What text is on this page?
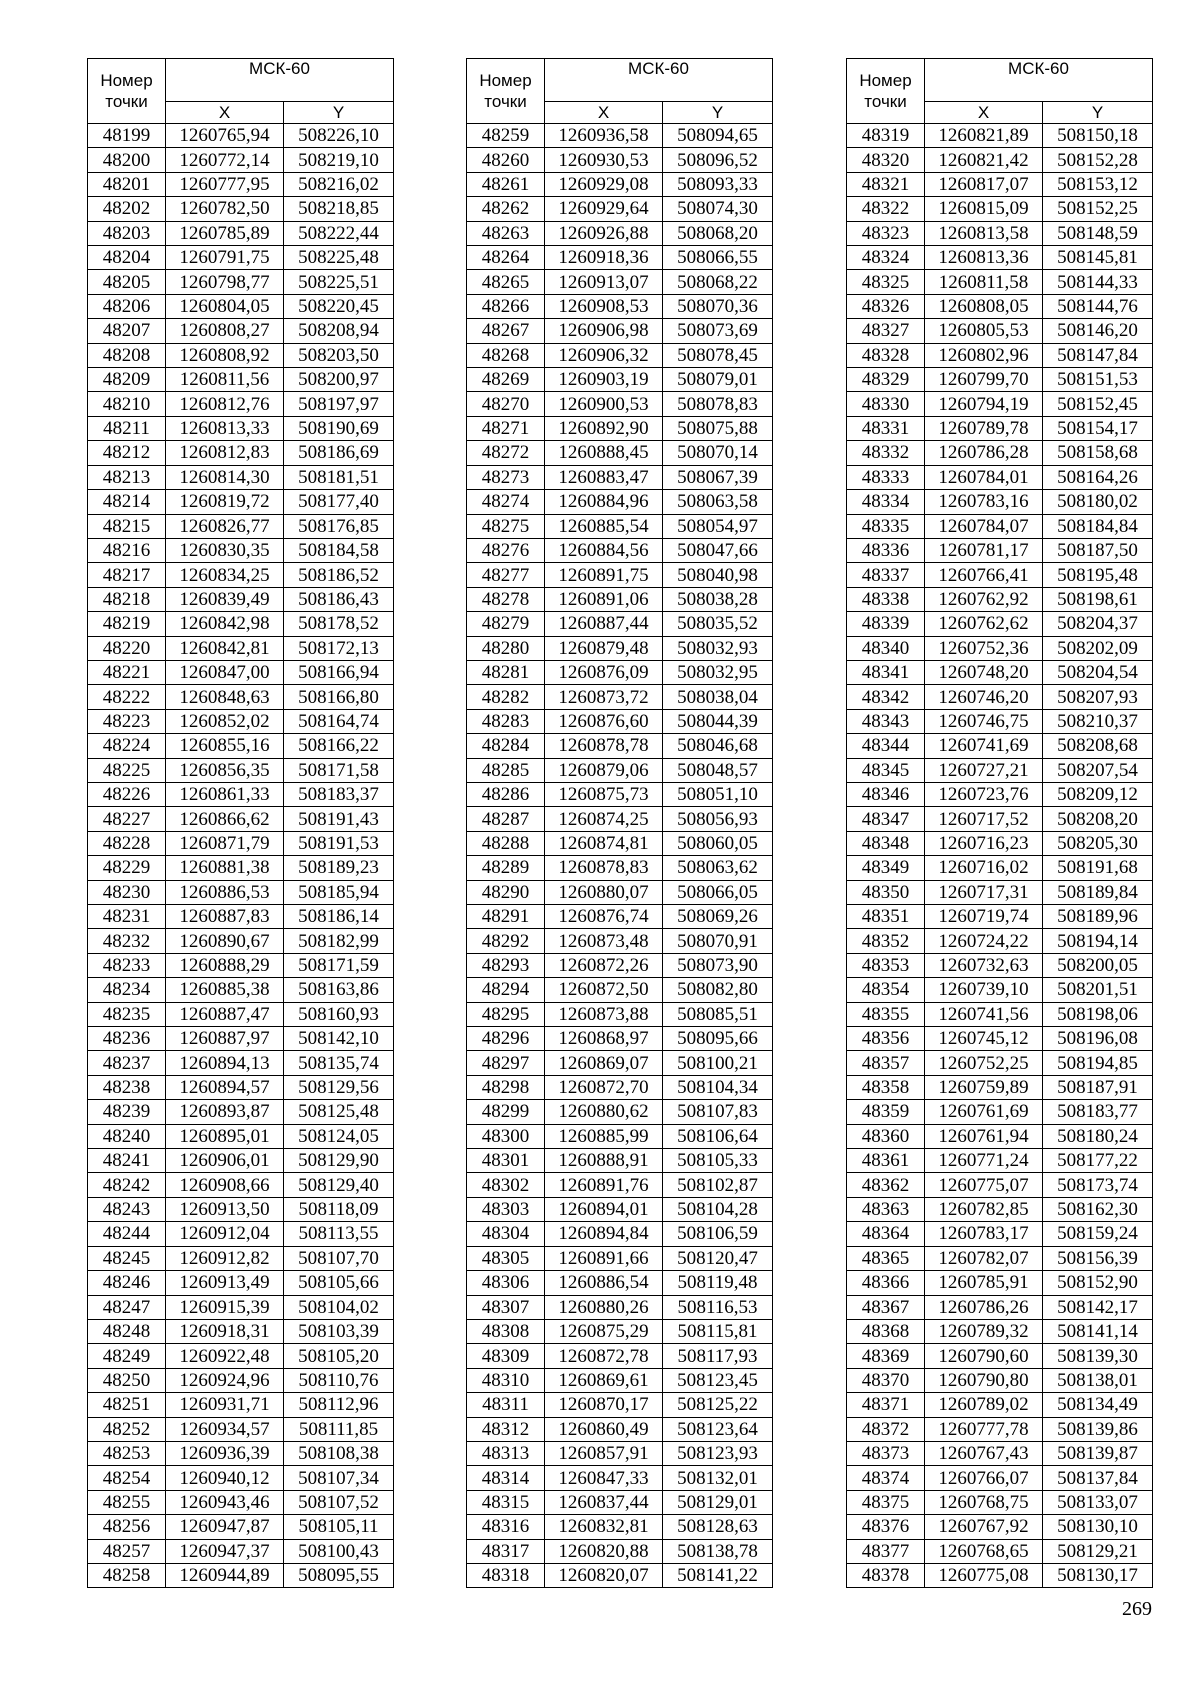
Номер
точки	МСК-60	
	X	Y
48199	1260765,94	508226,10
48200	1260772,14	508219,10
48201	1260777,95	508216,02
48202	1260782,50	508218,85
48203	1260785,89	508222,44
48204	1260791,75	508225,48
48205	1260798,77	508225,51
48206	1260804,05	508220,45
48207	1260808,27	508208,94
48208	1260808,92	508203,50
48209	1260811,56	508200,97
48210	1260812,76	508197,97
48211	1260813,33	508190,69
48212	1260812,83	508186,69
48213	1260814,30	508181,51
48214	1260819,72	508177,40
48215	1260826,77	508176,85
48216	1260830,35	508184,58
48217	1260834,25	508186,52
48218	1260839,49	508186,43
48219	1260842,98	508178,52
48220	1260842,81	508172,13
48221	1260847,00	508166,94
48222	1260848,63	508166,80
48223	1260852,02	508164,74
48224	1260855,16	508166,22
48225	1260856,35	508171,58
48226	1260861,33	508183,37
48227	1260866,62	508191,43
48228	1260871,79	508191,53
48229	1260881,38	508189,23
48230	1260886,53	508185,94
48231	1260887,83	508186,14
48232	1260890,67	508182,99
48233	1260888,29	508171,59
48234	1260885,38	508163,86
48235	1260887,47	508160,93
48236	1260887,97	508142,10
48237	1260894,13	508135,74
48238	1260894,57	508129,56
48239	1260893,87	508125,48
48240	1260895,01	508124,05
48241	1260906,01	508129,90
48242	1260908,66	508129,40
48243	1260913,50	508118,09
48244	1260912,04	508113,55
48245	1260912,82	508107,70
48246	1260913,49	508105,66
48247	1260915,39	508104,02
48248	1260918,31	508103,39
48249	1260922,48	508105,20
48250	1260924,96	508110,76
48251	1260931,71	508112,96
48252	1260934,57	508111,85
48253	1260936,39	508108,38
48254	1260940,12	508107,34
48255	1260943,46	508107,52
48256	1260947,87	508105,11
48257	1260947,37	508100,43
48258	1260944,89	508095,55
Номер
точки	МСК-60	
	X	Y
48259	1260936,58	508094,65
48260	1260930,53	508096,52
48261	1260929,08	508093,33
48262	1260929,64	508074,30
48263	1260926,88	508068,20
48264	1260918,36	508066,55
48265	1260913,07	508068,22
48266	1260908,53	508070,36
48267	1260906,98	508073,69
48268	1260906,32	508078,45
48269	1260903,19	508079,01
48270	1260900,53	508078,83
48271	1260892,90	508075,88
48272	1260888,45	508070,14
48273	1260883,47	508067,39
48274	1260884,96	508063,58
48275	1260885,54	508054,97
48276	1260884,56	508047,66
48277	1260891,75	508040,98
48278	1260891,06	508038,28
48279	1260887,44	508035,52
48280	1260879,48	508032,93
48281	1260876,09	508032,95
48282	1260873,72	508038,04
48283	1260876,60	508044,39
48284	1260878,78	508046,68
48285	1260879,06	508048,57
48286	1260875,73	508051,10
48287	1260874,25	508056,93
48288	1260874,81	508060,05
48289	1260878,83	508063,62
48290	1260880,07	508066,05
48291	1260876,74	508069,26
48292	1260873,48	508070,91
48293	1260872,26	508073,90
48294	1260872,50	508082,80
48295	1260873,88	508085,51
48296	1260868,97	508095,66
48297	1260869,07	508100,21
48298	1260872,70	508104,34
48299	1260880,62	508107,83
48300	1260885,99	508106,64
48301	1260888,91	508105,33
48302	1260891,76	508102,87
48303	1260894,01	508104,28
48304	1260894,84	508106,59
48305	1260891,66	508120,47
48306	1260886,54	508119,48
48307	1260880,26	508116,53
48308	1260875,29	508115,81
48309	1260872,78	508117,93
48310	1260869,61	508123,45
48311	1260870,17	508125,22
48312	1260860,49	508123,64
48313	1260857,91	508123,93
48314	1260847,33	508132,01
48315	1260837,44	508129,01
48316	1260832,81	508128,63
48317	1260820,88	508138,78
48318	1260820,07	508141,22
Номер
точки	МСК-60	
	X	Y
48319	1260821,89	508150,18
48320	1260821,42	508152,28
48321	1260817,07	508153,12
48322	1260815,09	508152,25
48323	1260813,58	508148,59
48324	1260813,36	508145,81
48325	1260811,58	508144,33
48326	1260808,05	508144,76
48327	1260805,53	508146,20
48328	1260802,96	508147,84
48329	1260799,70	508151,53
48330	1260794,19	508152,45
48331	1260789,78	508154,17
48332	1260786,28	508158,68
48333	1260784,01	508164,26
48334	1260783,16	508180,02
48335	1260784,07	508184,84
48336	1260781,17	508187,50
48337	1260766,41	508195,48
48338	1260762,92	508198,61
48339	1260762,62	508204,37
48340	1260752,36	508202,09
48341	1260748,20	508204,54
48342	1260746,20	508207,93
48343	1260746,75	508210,37
48344	1260741,69	508208,68
48345	1260727,21	508207,54
48346	1260723,76	508209,12
48347	1260717,52	508208,20
48348	1260716,23	508205,30
48349	1260716,02	508191,68
48350	1260717,31	508189,84
48351	1260719,74	508189,96
48352	1260724,22	508194,14
48353	1260732,63	508200,05
48354	1260739,10	508201,51
48355	1260741,56	508198,06
48356	1260745,12	508196,08
48357	1260752,25	508194,85
48358	1260759,89	508187,91
48359	1260761,69	508183,77
48360	1260761,94	508180,24
48361	1260771,24	508177,22
48362	1260775,07	508173,74
48363	1260782,85	508162,30
48364	1260783,17	508159,24
48365	1260782,07	508156,39
48366	1260785,91	508152,90
48367	1260786,26	508142,17
48368	1260789,32	508141,14
48369	1260790,60	508139,30
48370	1260790,80	508138,01
48371	1260789,02	508134,49
48372	1260777,78	508139,86
48373	1260767,43	508139,87
48374	1260766,07	508137,84
48375	1260768,75	508133,07
48376	1260767,92	508130,10
48377	1260768,65	508129,21
48378	1260775,08	508130,17
269
